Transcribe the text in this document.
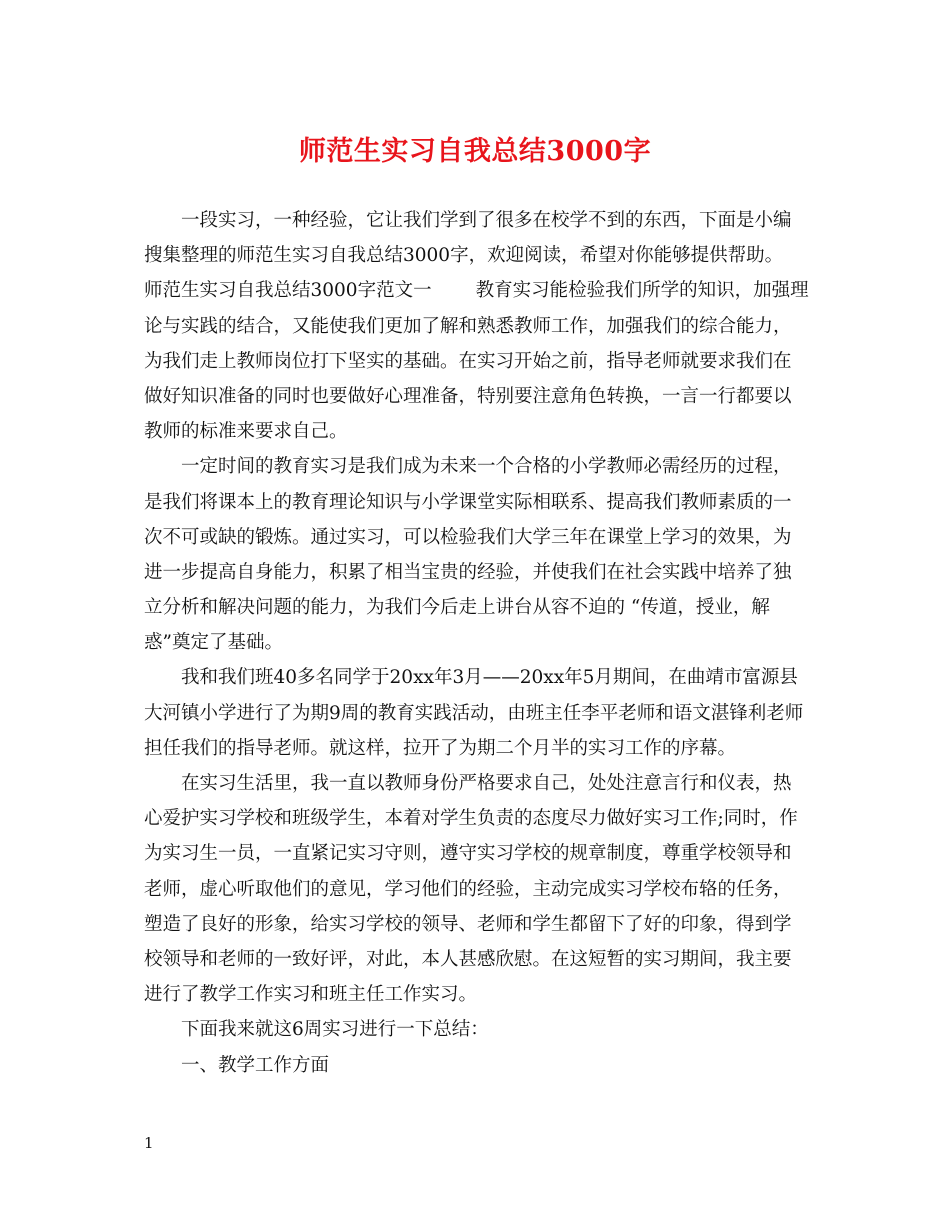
师范生实习自我总结3000字
一段实习，一种经验，它让我们学到了很多在校学不到的东西，下面是小编
搜集整理的师范生实习自我总结3000字，欢迎阅读，希望对你能够提供帮助。
师范生实习自我总结3000字范文一 教育实习能检验我们所学的知识，加强理
论与实践的结合，又能使我们更加了解和熟悉教师工作，加强我们的综合能力，
为我们走上教师岗位打下坚实的基础。在实习开始之前，指导老师就要求我们在
做好知识准备的同时也要做好心理准备，特别要注意角色转换，一言一行都要以
教师的标准来要求自己。
一定时间的教育实习是我们成为未来一个合格的小学教师必需经历的过程，
是我们将课本上的教育理论知识与小学课堂实际相联系、提高我们教师素质的一
次不可或缺的锻炼。通过实习，可以检验我们大学三年在课堂上学习的效果，为
进一步提高自身能力，积累了相当宝贵的经验，并使我们在社会实践中培养了独
立分析和解决问题的能力，为我们今后走上讲台从容不迫的 “传道，授业，解
惑”奠定了基础。
我和我们班40多名同学于20xx年3月——20xx年5月期间，在曲靖市富源县
大河镇小学进行了为期9周的教育实践活动，由班主任李平老师和语文湛锋利老师
担任我们的指导老师。就这样，拉开了为期二个月半的实习工作的序幕。
在实习生活里，我一直以教师身份严格要求自己，处处注意言行和仪表，热
心爱护实习学校和班级学生，本着对学生负责的态度尽力做好实习工作;同时，作
为实习生一员，一直紧记实习守则，遵守实习学校的规章制度，尊重学校领导和
老师，虚心听取他们的意见，学习他们的经验，主动完成实习学校布辂的任务，
塑造了良好的形象，给实习学校的领导、老师和学生都留下了好的印象，得到学
校领导和老师的一致好评，对此，本人甚感欣慰。在这短暂的实习期间，我主要
进行了教学工作实习和班主任工作实习。
下面我来就这6周实习进行一下总结：
一、教学工作方面
1
